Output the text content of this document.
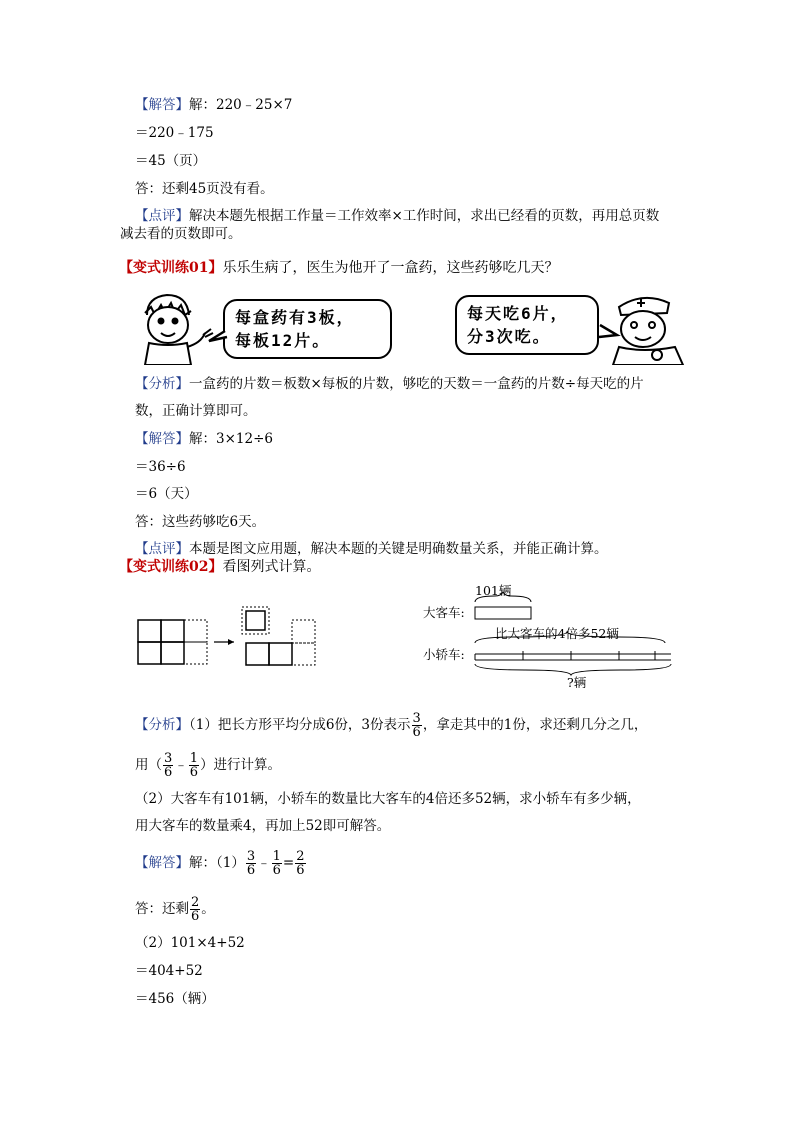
【解答】解：220﹣25×7
＝220﹣175
＝45（页）
答：还剩45页没有看。
【点评】解决本题先根据工作量＝工作效率×工作时间，求出已经看的页数，再用总页数
减去看的页数即可。
【变式训练01】乐乐生病了，医生为他开了一盒药，这些药够吃几天？
每盒药有3板，
每板12片。
每天吃6片，
分3次吃。
【分析】一盒药的片数＝板数×每板的片数，够吃的天数＝一盒药的片数÷每天吃的片
数，正确计算即可。
【解答】解：3×12÷6
＝36÷6
＝6（天）
答：这些药够吃6天。
【点评】本题是图文应用题，解决本题的关键是明确数量关系，并能正确计算。
【变式训练02】看图列式计算。
101辆
大客车:
比大客车的4倍多52辆
小轿车:
?辆
【分析】（1）把长方形平均分成6份，3份表示 $\frac{3}{6}$ ，拿走其中的1份，求还剩几分之几，
用（ $\frac{3}{6}$ ﹣ $\frac{1}{6}$ ）进行计算。
（2）大客车有101辆，小轿车的数量比大客车的4倍还多52辆，求小轿车有多少辆，
用大客车的数量乘4，再加上52即可解答。
【解答】解：$(1) \frac{3}{6}$ ﹣ $\frac{1}{6} = \frac{2}{6}$
答：还剩 $\frac{2}{6}$ 。
（2）101×4+52
＝404+52
＝456（辆）
